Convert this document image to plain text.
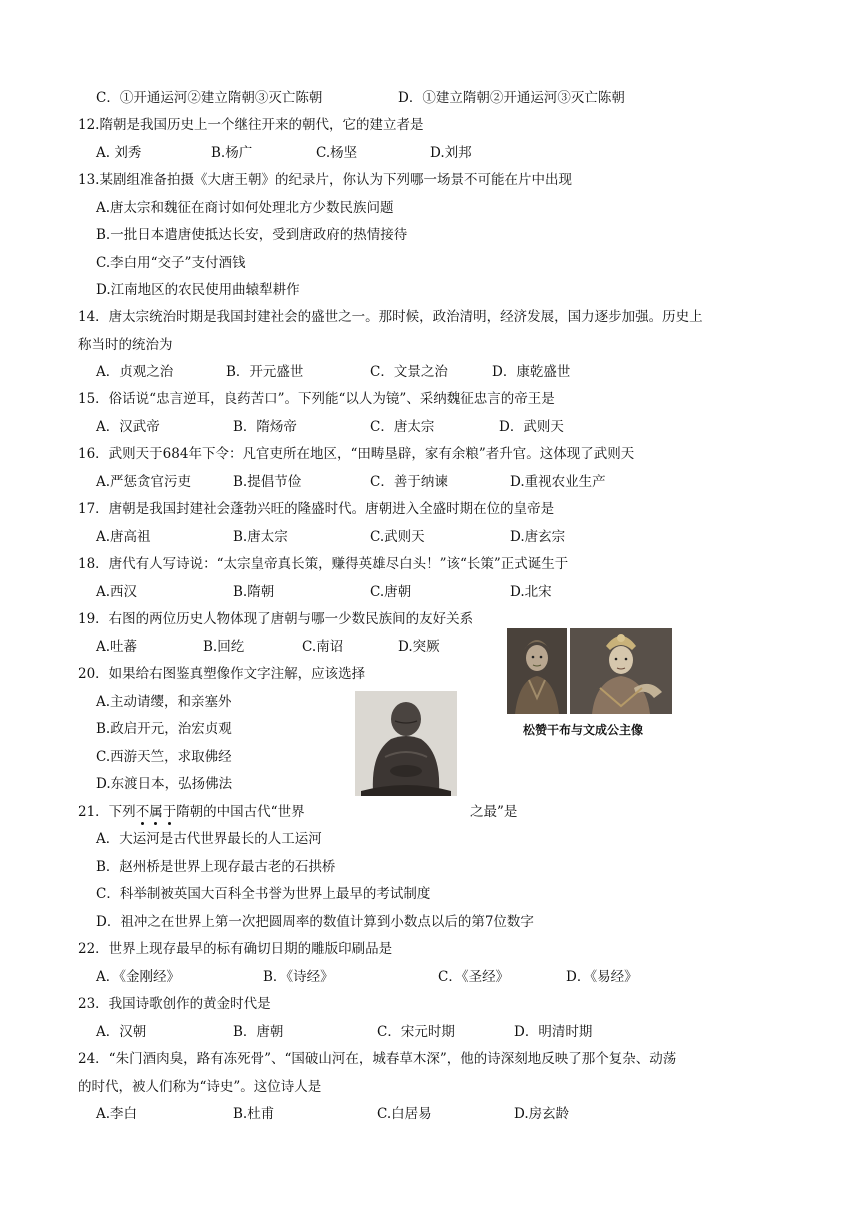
C．①开通运河②建立隋朝③灭亡陈朝	D．①建立隋朝②开通运河③灭亡陈朝
12.隋朝是我国历史上一个继往开来的朝代，它的建立者是
A. 刘秀	B.杨广	C.杨坚	D.刘邦
13.某剧组准备拍摄《大唐王朝》的纪录片，你认为下列哪一场景不可能在片中出现
A.唐太宗和魏征在商讨如何处理北方少数民族问题
B.一批日本遣唐使抵达长安，受到唐政府的热情接待
C.李白用“交子”支付酒钱
D.江南地区的农民使用曲辕犁耕作
14．唐太宗统治时期是我国封建社会的盛世之一。那时候，政治清明，经济发展，国力逐步加强。历史上
称当时的统治为
A．贞观之治	B．开元盛世	C．文景之治	D．康乾盛世
15．俗话说“忠言逆耳，良药苦口”。下列能“以人为镜”、采纳魏征忠言的帝王是
A．汉武帝	B．隋炀帝	C．唐太宗	D．武则天
16．武则天于684年下令：凡官吏所在地区，“田畴垦辟，家有余粮”者升官。这体现了武则天
A.严惩贪官污吏	B.提倡节俭	C．善于纳谏	D.重视农业生产
17．唐朝是我国封建社会蓬勃兴旺的隆盛时代。唐朝进入全盛时期在位的皇帝是
A.唐高祖	B.唐太宗	C.武则天	D.唐玄宗
18．唐代有人写诗说：“太宗皇帝真长策，赚得英雄尽白头！”该“长策”正式诞生于
A.西汉	B.隋朝	C.唐朝	D.北宋
19．右图的两位历史人物体现了唐朝与哪一少数民族间的友好关系
A.吐蕃	B.回纥	C.南诏	D.突厥
松赞干布与文成公主像
20．如果给右图鉴真塑像作文字注解，应该选择
A.主动请缨，和亲塞外
B.政启开元，治宏贞观
C.西游天竺，求取佛经
D.东渡日本，弘扬佛法
21．下列不属于隋朝的中国古代“世界	之最”是
A．大运河是古代世界最长的人工运河
B．赵州桥是世界上现存最古老的石拱桥
C．科举制被英国大百科全书誉为世界上最早的考试制度
D．祖冲之在世界上第一次把圆周率的数值计算到小数点以后的第7位数字
22．世界上现存最早的标有确切日期的雕版印刷品是
A．《金刚经》	B．《诗经》	C．《圣经》	D．《易经》
23．我国诗歌创作的黄金时代是
A．汉朝	B．唐朝	C．宋元时期	D．明清时期
24．“朱门酒肉臭，路有冻死骨”、“国破山河在，城春草木深”，他的诗深刻地反映了那个复杂、动荡
的时代，被人们称为“诗史”。这位诗人是
A.李白	B.杜甫	C.白居易	D.房玄龄
